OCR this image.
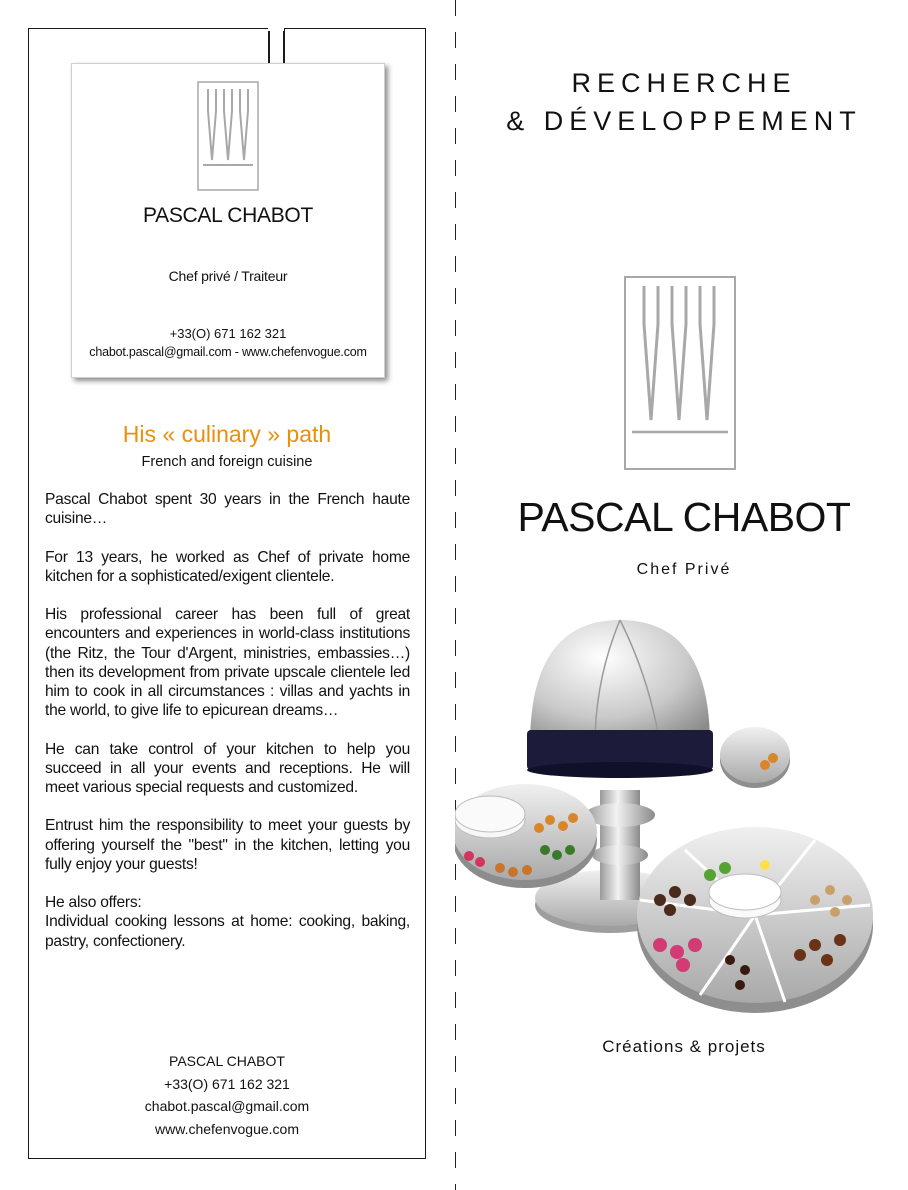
PASCAL CHABOT
Chef privé / Traiteur
+33(O) 671 162 321
chabot.pascal@gmail.com - www.chefenvogue.com
His « culinary » path
French and foreign cuisine

Pascal Chabot spent 30 years in the French haute cuisine…

For 13 years, he worked as Chef of private home kitchen for a sophisticated/exigent clientele.

His professional career has been full of great encounters and experiences in world-class institutions (the Ritz, the Tour d'Argent, ministries, embassies…) then its development from private upscale clientele led him to cook in all circumstances : villas and yachts in the world, to give life to epicurean dreams…

He can take control of your kitchen to help you succeed in all your events and receptions. He will meet various special requests and customized.

Entrust him the responsibility to meet your guests by offering yourself the "best" in the kitchen, letting you fully enjoy your guests!

He also offers:
Individual cooking lessons at home: cooking, baking, pastry, confectionery.
PASCAL CHABOT
+33(O) 671 162 321
chabot.pascal@gmail.com
www.chefenvogue.com
RECHERCHE
& DÉVELOPPEMENT
PASCAL CHABOT
Chef Privé
Créations & projets
